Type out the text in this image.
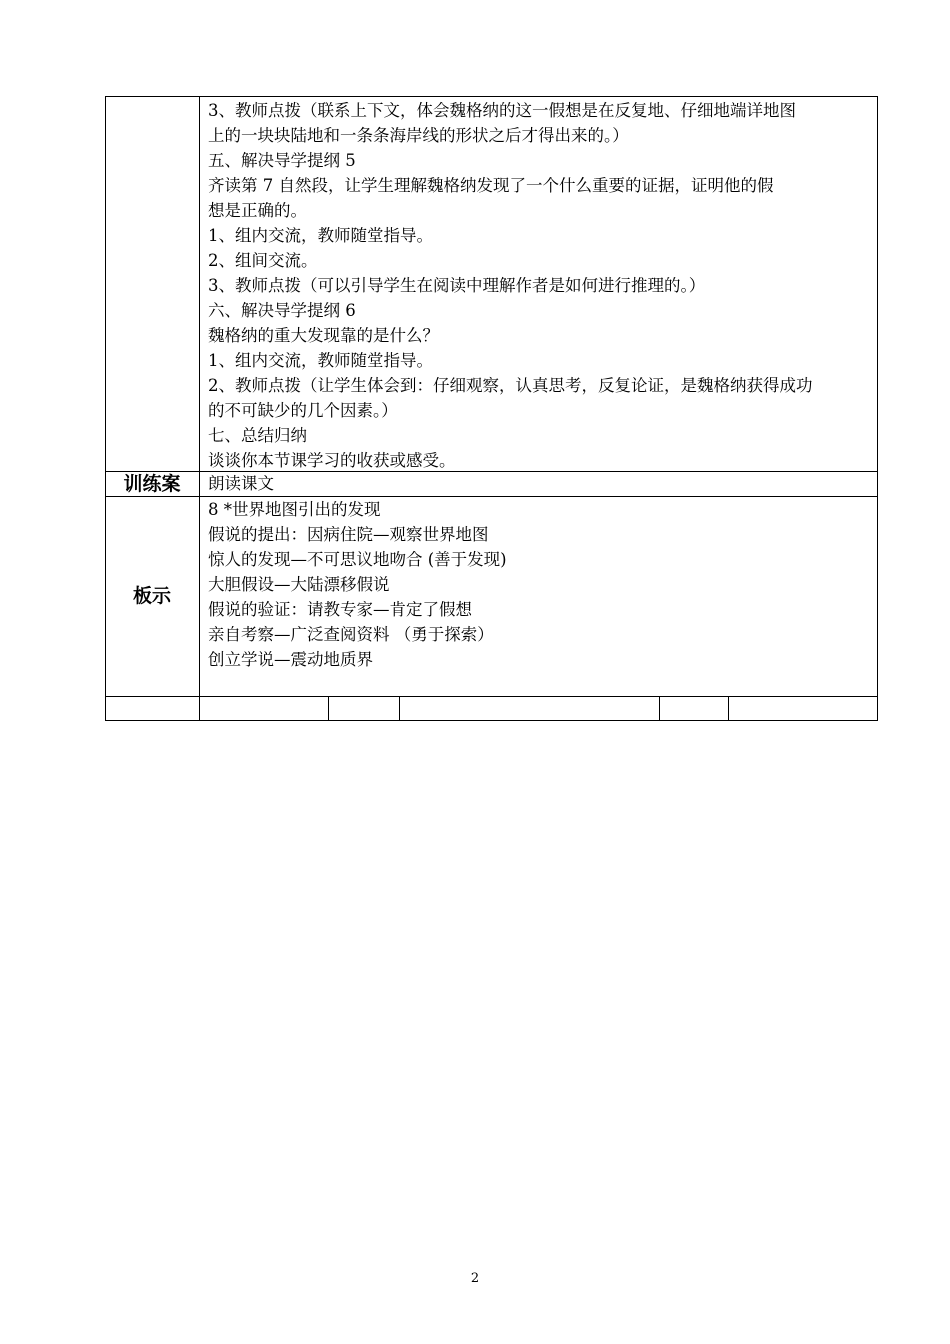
3、教师点拨（联系上下文，体会魏格纳的这一假想是在反复地、仔细地端详地图
上的一块块陆地和一条条海岸线的形状之后才得出来的。）
五、解决导学提纲 5
齐读第 7 自然段，让学生理解魏格纳发现了一个什么重要的证据，证明他的假
想是正确的。
1、组内交流，教师随堂指导。
2、组间交流。
3、教师点拨（可以引导学生在阅读中理解作者是如何进行推理的。）
六、解决导学提纲 6
魏格纳的重大发现靠的是什么？
1、组内交流，教师随堂指导。
2、教师点拨（让学生体会到：仔细观察，认真思考，反复论证，是魏格纳获得成功
的不可缺少的几个因素。）
七、总结归纳
谈谈你本节课学习的收获或感受。
训练案	朗读课文
板示
8 *世界地图引出的发现
假说的提出：因病住院—观察世界地图
惊人的发现—不可思议地吻合 (善于发现)
大胆假设—大陆漂移假说
假说的验证：请教专家—肯定了假想
亲自考察—广泛查阅资料 （勇于探索）
创立学说—震动地质界
2
